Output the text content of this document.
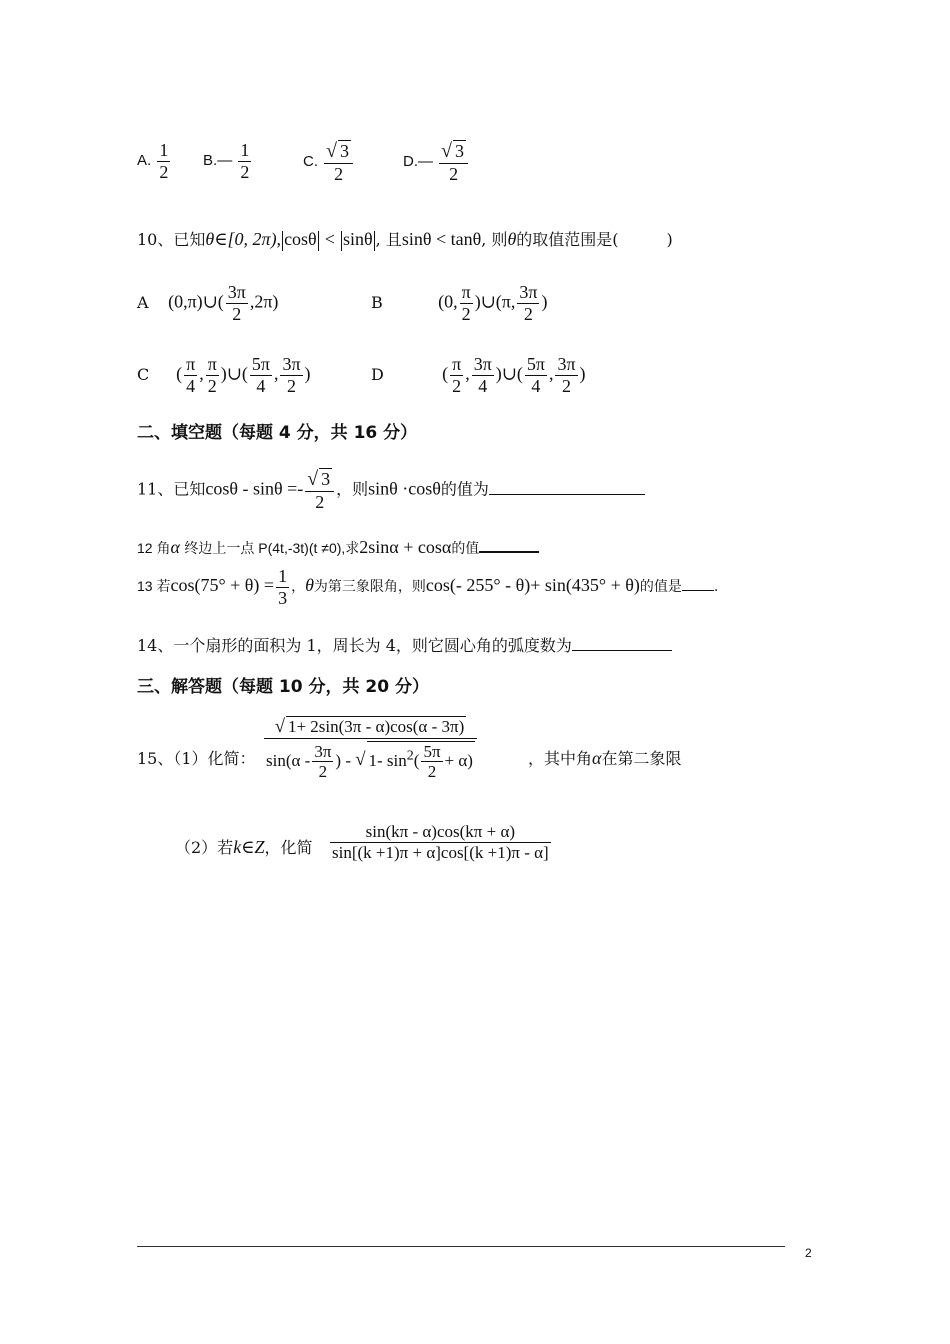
A. $\frac{1}{2}$ B.— $\frac{1}{2}$	C. $\frac{√ 3}{2}$	D.— $\frac{√ 3}{2}$
10、已知θ∈[0, 2π), cosθ < sinθ , 且sinθ < tanθ, 则θ的取值范围是(　　　)
A (0,π)∪( $\frac{3\pi}{2} ,2\pi$)	B	(0, $\frac{\pi}{2}$ )∪(π, $\frac{3\pi}{2}$ )
C ( $\frac{\pi}{4}$ , $\frac{\pi}{2}$ )∪( $\frac{5\pi}{4}$ , $\frac{3\pi}{2}$ )	D	( $\frac{\pi}{2}$ , $\frac{3\pi}{4}$ )∪( $\frac{5\pi}{4}$ , $\frac{3\pi}{2}$ )
二、填空题（每题 4 分，共 16 分）
11、已知$\cos\theta - \sin\theta =- \frac{√ 3}{2}$ ，则sinθ ·cosθ的值为
12 角α 终边上一点 P(4t,-3t)(t ≠0),求2sinα + cosα的值
13 若$\cos(75^\circ + \theta) = \frac{1}{3}$ ，θ为第三象限角，则cos(- 255° - θ)+ sin(435° + θ)的值是 .
14、一个扇形的面积为 1，周长为 4，则它圆心角的弧度数为
三、解答题（每题 10 分，共 20 分）
15、（1）化简： $\frac{√ 1+ 2\sin(3\pi - \alpha)\cos(\alpha - 3\pi)}{\sin(\alpha - \frac{3\pi}{2} ) - √ 1- \sin^2( \frac{5\pi}{2} + \alpha)}$	，其中角α在第二象限
（2）若k∈Z，化简 $\frac{\sin(k\pi - \alpha)\cos(k\pi + \alpha)}{\sin[(k +1)\pi + \alpha]\cos[(k +1)\pi - \alpha]}$
2
